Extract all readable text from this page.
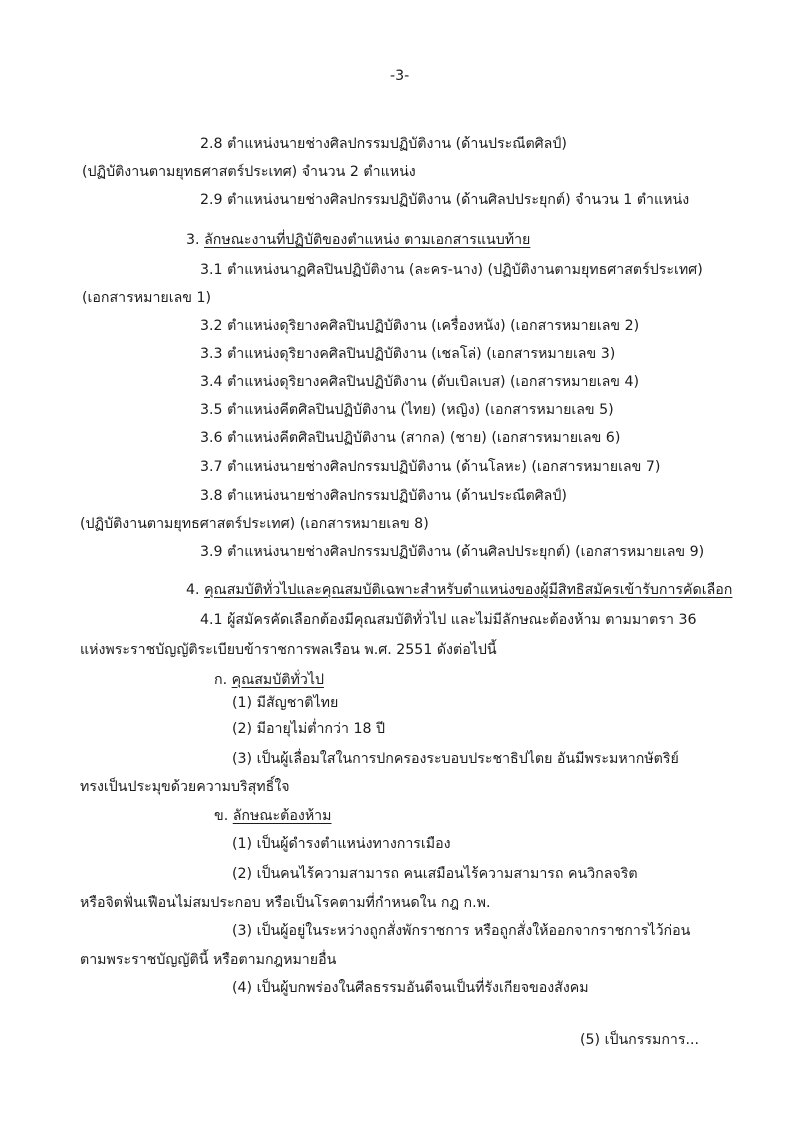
-3-
2.8 ตำแหน่งนายช่างศิลปกรรมปฏิบัติงาน (ด้านประณีตศิลป์)
(ปฏิบัติงานตามยุทธศาสตร์ประเทศ) จำนวน 2 ตำแหน่ง
2.9 ตำแหน่งนายช่างศิลปกรรมปฏิบัติงาน (ด้านศิลปประยุกต์) จำนวน 1 ตำแหน่ง
3. ลักษณะงานที่ปฏิบัติของตำแหน่ง ตามเอกสารแนบท้าย
3.1 ตำแหน่งนาฏศิลปินปฏิบัติงาน (ละคร-นาง) (ปฏิบัติงานตามยุทธศาสตร์ประเทศ)
(เอกสารหมายเลข 1)
3.2 ตำแหน่งดุริยางคศิลปินปฏิบัติงาน (เครื่องหนัง) (เอกสารหมายเลข 2)
3.3 ตำแหน่งดุริยางคศิลปินปฏิบัติงาน (เชลโล่) (เอกสารหมายเลข 3)
3.4 ตำแหน่งดุริยางคศิลปินปฏิบัติงาน (ดับเบิลเบส) (เอกสารหมายเลข 4)
3.5 ตำแหน่งคีตศิลปินปฏิบัติงาน (ไทย) (หญิง) (เอกสารหมายเลข 5)
3.6 ตำแหน่งคีตศิลปินปฏิบัติงาน (สากล) (ชาย) (เอกสารหมายเลข 6)
3.7 ตำแหน่งนายช่างศิลปกรรมปฏิบัติงาน (ด้านโลหะ) (เอกสารหมายเลข 7)
3.8 ตำแหน่งนายช่างศิลปกรรมปฏิบัติงาน (ด้านประณีตศิลป์)
(ปฏิบัติงานตามยุทธศาสตร์ประเทศ) (เอกสารหมายเลข 8)
3.9 ตำแหน่งนายช่างศิลปกรรมปฏิบัติงาน (ด้านศิลปประยุกต์) (เอกสารหมายเลข 9)
4. คุณสมบัติทั่วไปและคุณสมบัติเฉพาะสำหรับตำแหน่งของผู้มีสิทธิสมัครเข้ารับการคัดเลือก
4.1 ผู้สมัครคัดเลือกต้องมีคุณสมบัติทั่วไป และไม่มีลักษณะต้องห้าม ตามมาตรา 36
แห่งพระราชบัญญัติระเบียบข้าราชการพลเรือน พ.ศ. 2551 ดังต่อไปนี้
ก. คุณสมบัติทั่วไป
(1) มีสัญชาติไทย
(2) มีอายุไม่ต่ำกว่า 18 ปี
(3) เป็นผู้เลื่อมใสในการปกครองระบอบประชาธิปไตย อันมีพระมหากษัตริย์
ทรงเป็นประมุขด้วยความบริสุทธิ์ใจ
ข. ลักษณะต้องห้าม
(1) เป็นผู้ดำรงตำแหน่งทางการเมือง
(2) เป็นคนไร้ความสามารถ คนเสมือนไร้ความสามารถ คนวิกลจริต
หรือจิตฟั่นเฟือนไม่สมประกอบ หรือเป็นโรคตามที่กำหนดใน กฎ ก.พ.
(3) เป็นผู้อยู่ในระหว่างถูกสั่งพักราชการ หรือถูกสั่งให้ออกจากราชการไว้ก่อน
ตามพระราชบัญญัตินี้ หรือตามกฎหมายอื่น
(4) เป็นผู้บกพร่องในศีลธรรมอันดีจนเป็นที่รังเกียจของสังคม
(5) เป็นกรรมการ...
